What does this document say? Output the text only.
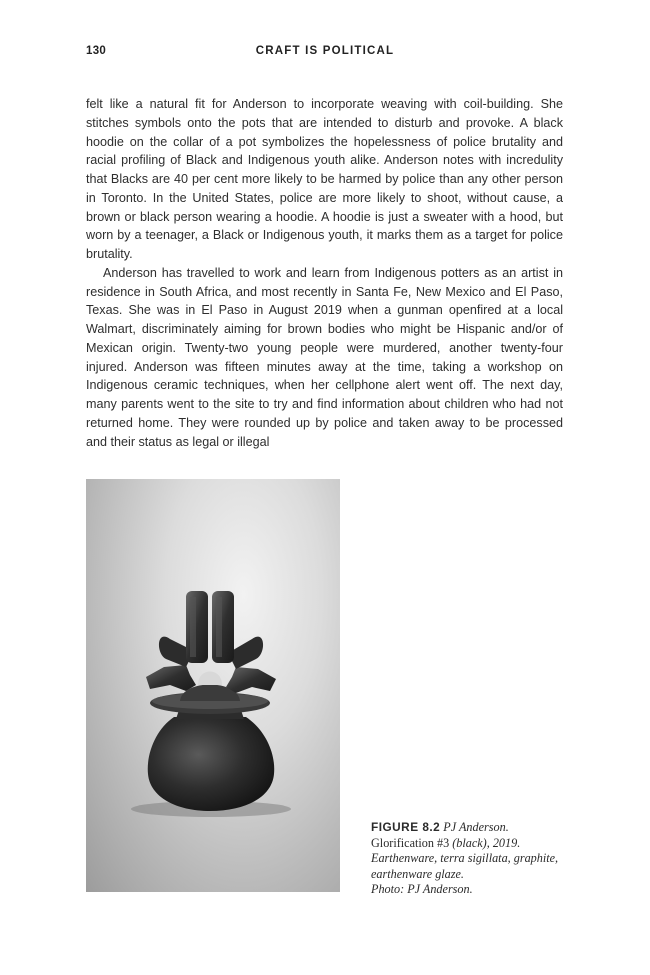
130	CRAFT IS POLITICAL

felt like a natural fit for Anderson to incorporate weaving with coil-building. She stitches symbols onto the pots that are intended to disturb and provoke. A black hoodie on the collar of a pot symbolizes the hopelessness of police brutality and racial profiling of Black and Indigenous youth alike. Anderson notes with incredulity that Blacks are 40 per cent more likely to be harmed by police than any other person in Toronto. In the United States, police are more likely to shoot, without cause, a brown or black person wearing a hoodie. A hoodie is just a sweater with a hood, but worn by a teenager, a Black or Indigenous youth, it marks them as a target for police brutality.

Anderson has travelled to work and learn from Indigenous potters as an artist in residence in South Africa, and most recently in Santa Fe, New Mexico and El Paso, Texas. She was in El Paso in August 2019 when a gunman openfired at a local Walmart, discriminately aiming for brown bodies who might be Hispanic and/or of Mexican origin. Twenty-two young people were murdered, another twenty-four injured. Anderson was fifteen minutes away at the time, taking a workshop on Indigenous ceramic techniques, when her cellphone alert went off. The next day, many parents went to the site to try and find information about children who had not returned home. They were rounded up by police and taken away to be processed and their status as legal or illegal

FIGURE 8.2 PJ Anderson.
Glorification #3 (black), 2019.
Earthenware, terra sigillata, graphite, earthenware glaze.
Photo: PJ Anderson.
